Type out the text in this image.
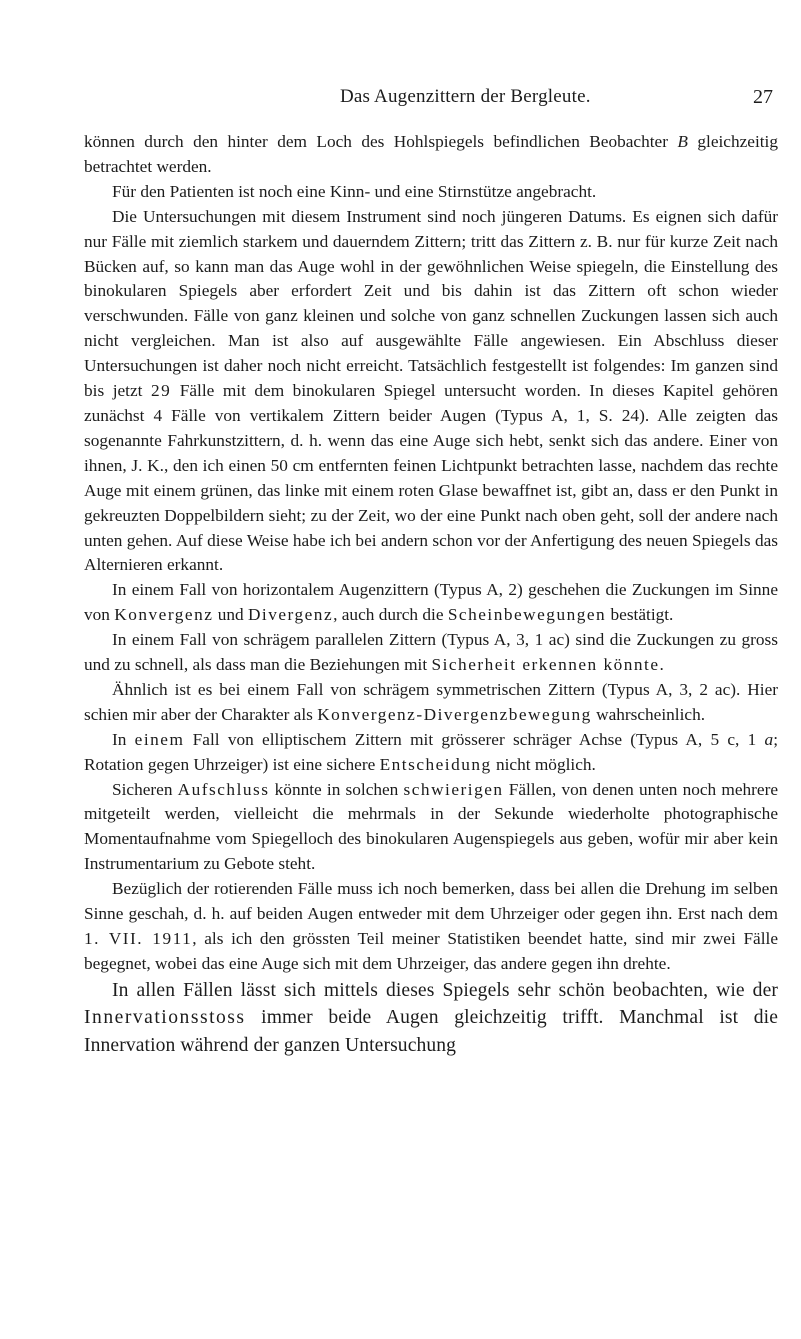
Das Augenzittern der Bergleute.	27

können durch den hinter dem Loch des Hohlspiegels befindlichen Beobachter B gleichzeitig betrachtet werden.

Für den Patienten ist noch eine Kinn- und eine Stirnstütze angebracht.

Die Untersuchungen mit diesem Instrument sind noch jüngeren Datums. Es eignen sich dafür nur Fälle mit ziemlich starkem und dauerndem Zittern; tritt das Zittern z. B. nur für kurze Zeit nach Bücken auf, so kann man das Auge wohl in der gewöhnlichen Weise spiegeln, die Einstellung des binokularen Spiegels aber erfordert Zeit und bis dahin ist das Zittern oft schon wieder verschwunden. Fälle von ganz kleinen und solche von ganz schnellen Zuckungen lassen sich auch nicht vergleichen. Man ist also auf ausgewählte Fälle angewiesen. Ein Abschluss dieser Untersuchungen ist daher noch nicht erreicht. Tatsächlich festgestellt ist folgendes: Im ganzen sind bis jetzt 29 Fälle mit dem binokularen Spiegel untersucht worden. In dieses Kapitel gehören zunächst 4 Fälle von vertikalem Zittern beider Augen (Typus A, 1, S. 24). Alle zeigten das sogenannte Fahrkunstzittern, d. h. wenn das eine Auge sich hebt, senkt sich das andere. Einer von ihnen, J. K., den ich einen 50 cm entfernten feinen Lichtpunkt betrachten lasse, nachdem das rechte Auge mit einem grünen, das linke mit einem roten Glase bewaffnet ist, gibt an, dass er den Punkt in gekreuzten Doppelbildern sieht; zu der Zeit, wo der eine Punkt nach oben geht, soll der andere nach unten gehen. Auf diese Weise habe ich bei andern schon vor der Anfertigung des neuen Spiegels das Alternieren erkannt.

In einem Fall von horizontalem Augenzittern (Typus A, 2) geschehen die Zuckungen im Sinne von Konvergenz und Divergenz, auch durch die Scheinbewegungen bestätigt.

In einem Fall von schrägem parallelen Zittern (Typus A, 3, 1 ac) sind die Zuckungen zu gross und zu schnell, als dass man die Beziehungen mit Sicherheit erkennen könnte.

Ähnlich ist es bei einem Fall von schrägem symmetrischen Zittern (Typus A, 3, 2 ac). Hier schien mir aber der Charakter als Konvergenz-Divergenzbewegung wahrscheinlich.

In einem Fall von elliptischem Zittern mit grösserer schräger Achse (Typus A, 5 c, 1 a; Rotation gegen Uhrzeiger) ist eine sichere Entscheidung nicht möglich.

Sicheren Aufschluss könnte in solchen schwierigen Fällen, von denen unten noch mehrere mitgeteilt werden, vielleicht die mehrmals in der Sekunde wiederholte photographische Momentaufnahme vom Spiegelloch des binokularen Augenspiegels aus geben, wofür mir aber kein Instrumentarium zu Gebote steht.

Bezüglich der rotierenden Fälle muss ich noch bemerken, dass bei allen die Drehung im selben Sinne geschah, d. h. auf beiden Augen entweder mit dem Uhrzeiger oder gegen ihn. Erst nach dem 1. VII. 1911, als ich den grössten Teil meiner Statistiken beendet hatte, sind mir zwei Fälle begegnet, wobei das eine Auge sich mit dem Uhrzeiger, das andere gegen ihn drehte.

In allen Fällen lässt sich mittels dieses Spiegels sehr schön beobachten, wie der Innervationsstoss immer beide Augen gleichzeitig trifft. Manchmal ist die Innervation während der ganzen Untersuchung
